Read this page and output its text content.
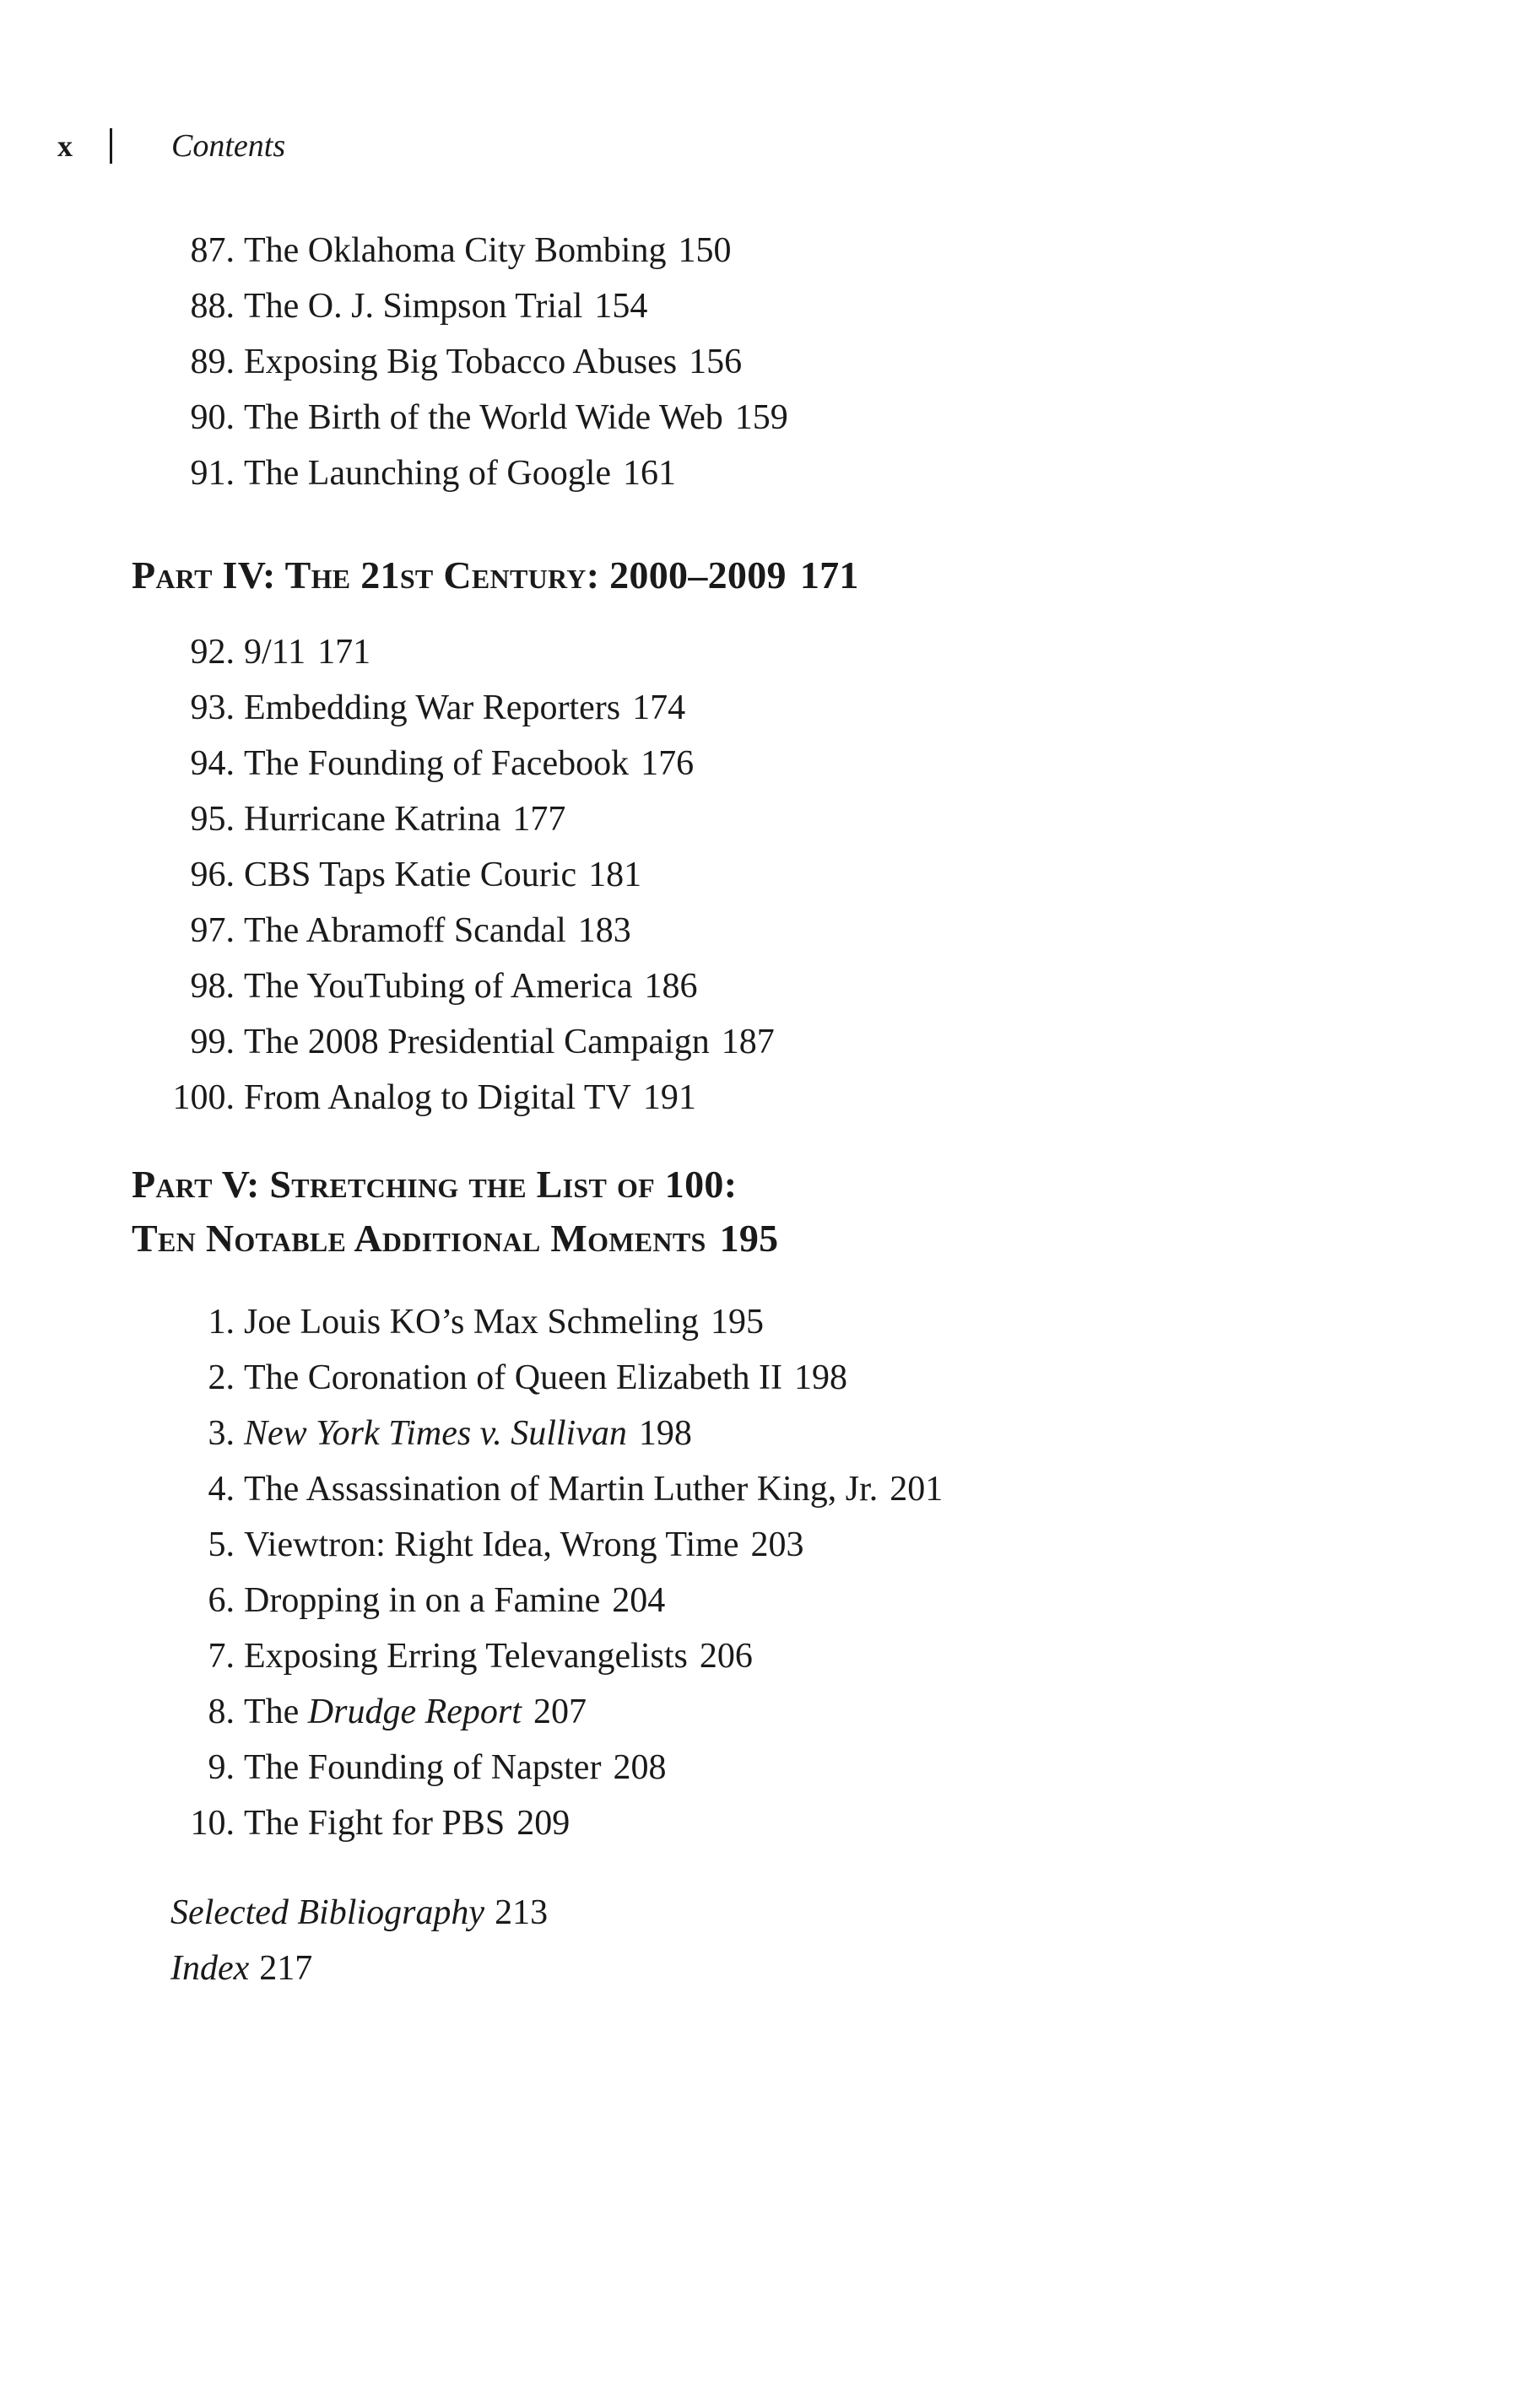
x	Contents
87. The Oklahoma City Bombing 150
88. The O. J. Simpson Trial 154
89. Exposing Big Tobacco Abuses 156
90. The Birth of the World Wide Web 159
91. The Launching of Google 161
Part IV: The 21st Century: 2000–2009 171
92. 9/11 171
93. Embedding War Reporters 174
94. The Founding of Facebook 176
95. Hurricane Katrina 177
96. CBS Taps Katie Couric 181
97. The Abramoff Scandal 183
98. The YouTubing of America 186
99. The 2008 Presidential Campaign 187
100. From Analog to Digital TV 191
Part V: Stretching the List of 100:
Ten Notable Additional Moments 195
1. Joe Louis KO’s Max Schmeling 195
2. The Coronation of Queen Elizabeth II 198
3. New York Times v. Sullivan 198
4. The Assassination of Martin Luther King, Jr. 201
5. Viewtron: Right Idea, Wrong Time 203
6. Dropping in on a Famine 204
7. Exposing Erring Televangelists 206
8. The Drudge Report 207
9. The Founding of Napster 208
10. The Fight for PBS 209
Selected Bibliography 213
Index 217
